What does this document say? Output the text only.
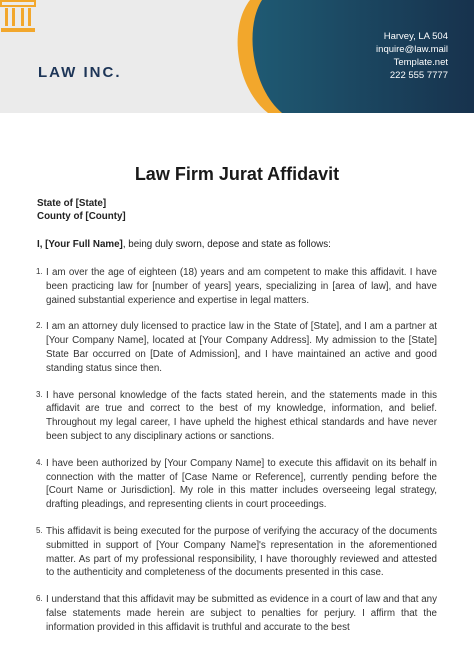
LAW INC.
Harvey, LA 504
inquire@law.mail
Template.net
222 555 7777
Law Firm Jurat Affidavit
State of [State]
County of [County]
I, [Your Full Name], being duly sworn, depose and state as follows:
1. I am over the age of eighteen (18) years and am competent to make this affidavit. I have been practicing law for [number of years] years, specializing in [area of law], and have gained substantial experience and expertise in legal matters.
2. I am an attorney duly licensed to practice law in the State of [State], and I am a partner at [Your Company Name], located at [Your Company Address]. My admission to the [State] State Bar occurred on [Date of Admission], and I have maintained an active and good standing status since then.
3. I have personal knowledge of the facts stated herein, and the statements made in this affidavit are true and correct to the best of my knowledge, information, and belief. Throughout my legal career, I have upheld the highest ethical standards and have never been subject to any disciplinary actions or sanctions.
4. I have been authorized by [Your Company Name] to execute this affidavit on its behalf in connection with the matter of [Case Name or Reference], currently pending before the [Court Name or Jurisdiction]. My role in this matter includes overseeing legal strategy, drafting pleadings, and representing clients in court proceedings.
5. This affidavit is being executed for the purpose of verifying the accuracy of the documents submitted in support of [Your Company Name]'s representation in the aforementioned matter. As part of my professional responsibility, I have thoroughly reviewed and attested to the authenticity and completeness of the documents presented in this case.
6. I understand that this affidavit may be submitted as evidence in a court of law and that any false statements made herein are subject to penalties for perjury. I affirm that the information provided in this affidavit is truthful and accurate to the best
